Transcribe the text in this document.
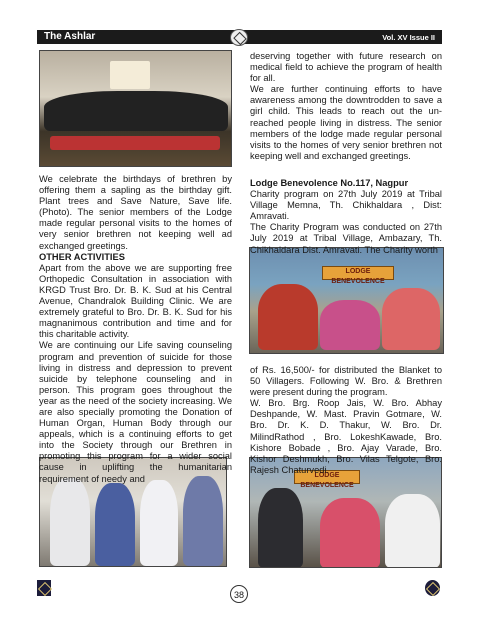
The Ashlar	Vol. XV Issue II
LODGE BENEVOLENCE
LODGE BENEVOLENCE

We celebrate the birthdays of brethren by offering them a sapling as the birthday gift. Plant trees and Save Nature, Save life. (Photo). The senior members of the Lodge made regular personal visits to the homes of very senior brethren not keeping well ad exchanged greetings.

OTHER ACTIVITIES

Apart from the above we are supporting free Orthopedic Consultation in association with KRGD Trust Bro. Dr. B. K. Sud at his Central Avenue, Chandralok Building Clinic. We are extremely grateful to Bro. Dr. B. K. Sud for his magnanimous contribution and time and for this charitable activity.

We are continuing our Life saving counseling program and prevention of suicide for those living in distress and depression to prevent suicide by telephone counseling and in person. This program goes throughout the year as the need of the society increasing. We are also specially promoting the Donation of Human Organ, Human Body through our appeals, which is a continuing efforts to get into the Society through our Brethren in promoting this program for a wider social cause in uplifting the humanitarian requirement of needy and

deserving together with future research on medical field to achieve the program of health for all.

We are further continuing efforts to have awareness among the downtrodden to save a girl child. This leads to reach out the un-reached people living in distress. The senior members of the lodge made regular personal visits to the homes of very senior brethren not keeping well and exchanged greetings.

Lodge Benevolence No.117, Nagpur

Charity program on 27th July 2019 at Tribal Village Memna, Th. Chikhaldara , Dist: Amravati.

The Charity Program was conducted on 27th July 2019 at Tribal Village, Ambazary, Th. Chikhaldara Dist. Amravati. The Charity worth

of Rs. 16,500/- for distributed the Blanket to 50 Villagers. Following W. Bro. & Brethren were present during the program.

W. Bro. Brg. Roop Jais, W. Bro. Abhay Deshpande, W. Mast. Pravin Gotmare, W. Bro. Dr. K. D. Thakur, W. Bro. Dr. MilindRathod , Bro. LokeshKawade, Bro. Kishore Bobade , Bro. Ajay Varade, Bro. Kishor Deshmukh, Bro. Vilas Telgote, Bro. Rajesh Chaturvedi.

38
